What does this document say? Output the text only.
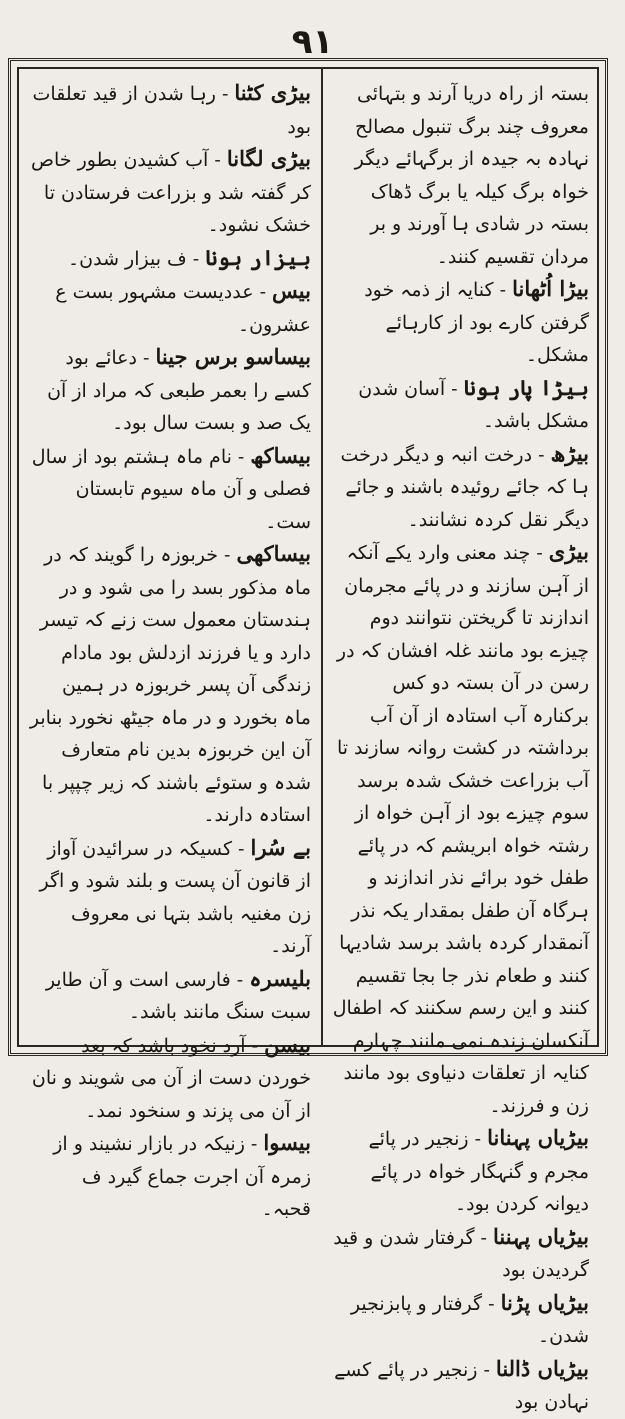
۹۱

بستہ از راہ دریا آرند و بتہائی معروف چند برگ تنبول مصالح نہادہ بہ جیدہ از برگہائے دیگر خواہ برگ کیلہ یا برگ ڈھاک بستہ در شادی ہا آورند و بر مردان تقسیم کنند۔

بیڑا اُٹھانا - کنایہ از ذمہ خود گرفتن کارے بود از کارہائے مشکل۔

بیڑا پار ہونا - آسان شدن مشکل باشد۔

بیڑھ - درخت انبہ و دیگر درخت ہا کہ جائے روئیدہ باشند و جائے دیگر نقل کردہ نشانند۔

بیڑی - چند معنی وارد یکے آنکہ از آہن سازند و در پائے مجرمان اندازند تا گریختن نتوانند دوم چیزے بود مانند غلہ افشان کہ در رسن در آن بستہ دو کس برکنارہ آب استادہ از آن آب برداشتہ در کشت روانہ سازند تا آب بزراعت خشک شدہ برسد سوم چیزے بود از آہن خواہ از رشتہ خواہ ابریشم کہ در پائے طفل خود برائے نذر اندازند و ہرگاہ آن طفل بمقدار یکہ نذر آنمقدار کردہ باشد برسد شادیہا کنند و طعام نذر جا بجا تقسیم کنند و این رسم سکنند کہ اطفال آنکسان زندہ نمی مانند چہارم کنایہ از تعلقات دنیاوی بود مانند زن و فرزند۔

بیڑیاں پہنانا - زنجیر در پائے مجرم و گنہگار خواہ در پائے دیوانہ کردن بود۔

بیڑیاں پہننا - گرفتار شدن و قید گردیدن بود

بیڑیاں پڑنا - گرفتار و پابزنجیر شدن۔

بیڑیاں ڈالنا - زنجیر در پائے کسے نہادن بود

بیڑی کٹنا - رہا شدن از قید تعلقات بود

بیڑی لگانا - آب کشیدن بطور خاص کر گفتہ شد و بزراعت فرستادن تا خشک نشود۔

بیزار ہونا - ف بیزار شدن۔

بیس - عددیست مشہور بست ع عشرون۔

بیساسو برس جینا - دعائے بود کسے را بعمر طبعی کہ مراد از آن یک صد و بست سال بود۔

بیساکھ - نام ماہ ہشتم بود از سال فصلی و آن ماہ سیوم تابستان ست۔

بیساکھی - خربوزہ را گویند کہ در ماہ مذکور بسد را می شود و در ہندستان معمول ست زنے کہ تیسر دارد و یا فرزند ازدلش بود مادام زندگی آن پسر خربوزہ در ہمین ماہ بخورد و در ماہ جیٹھ نخورد بنابر آن این خربوزہ بدین نام متعارف شدہ و ستوئے باشند کہ زیر چپپر با استادہ دارند۔

بے سُرا - کسیکہ در سرائیدن آواز از قانون آن پست و بلند شود و اگر زن مغنیہ باشد بتہا نی معروف آرند۔

بلیسرہ - فارسی است و آن طایر سبت سنگ مانند باشد۔

بیسن - آرد نخود باشد کہ بعد خوردن دست از آن می شویند و نان از آن می پزند و سنخود نمد۔

بیسوا - زنیکہ در بازار نشیند و از زمرہ آن اجرت جماع گیرد ف قحبہ۔
